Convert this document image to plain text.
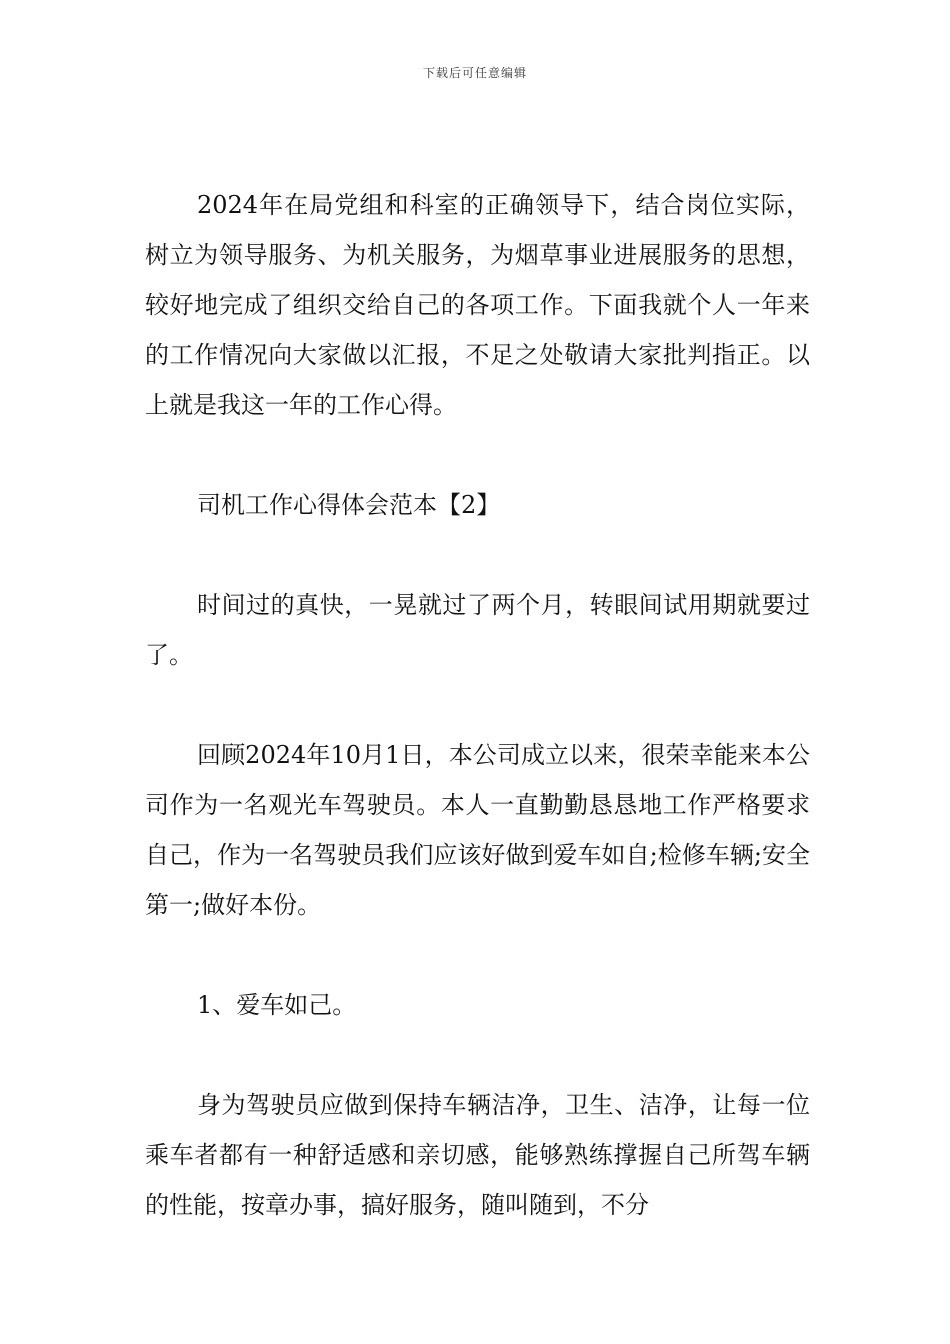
下载后可任意编辑

2024年在局党组和科室的正确领导下，结合岗位实际，树立为领导服务、为机关服务，为烟草事业进展服务的思想，较好地完成了组织交给自己的各项工作。下面我就个人一年来的工作情况向大家做以汇报，不足之处敬请大家批判指正。以上就是我这一年的工作心得。

司机工作心得体会范本【2】

时间过的真快，一晃就过了两个月，转眼间试用期就要过了。

回顾2024年10月1日，本公司成立以来，很荣幸能来本公司作为一名观光车驾驶员。本人一直勤勤恳恳地工作严格要求自己，作为一名驾驶员我们应该好做到爱车如自;检修车辆;安全第一;做好本份。

1、爱车如己。

身为驾驶员应做到保持车辆洁净，卫生、洁净，让每一位乘车者都有一种舒适感和亲切感，能够熟练撑握自己所驾车辆的性能，按章办事，搞好服务，随叫随到，不分
